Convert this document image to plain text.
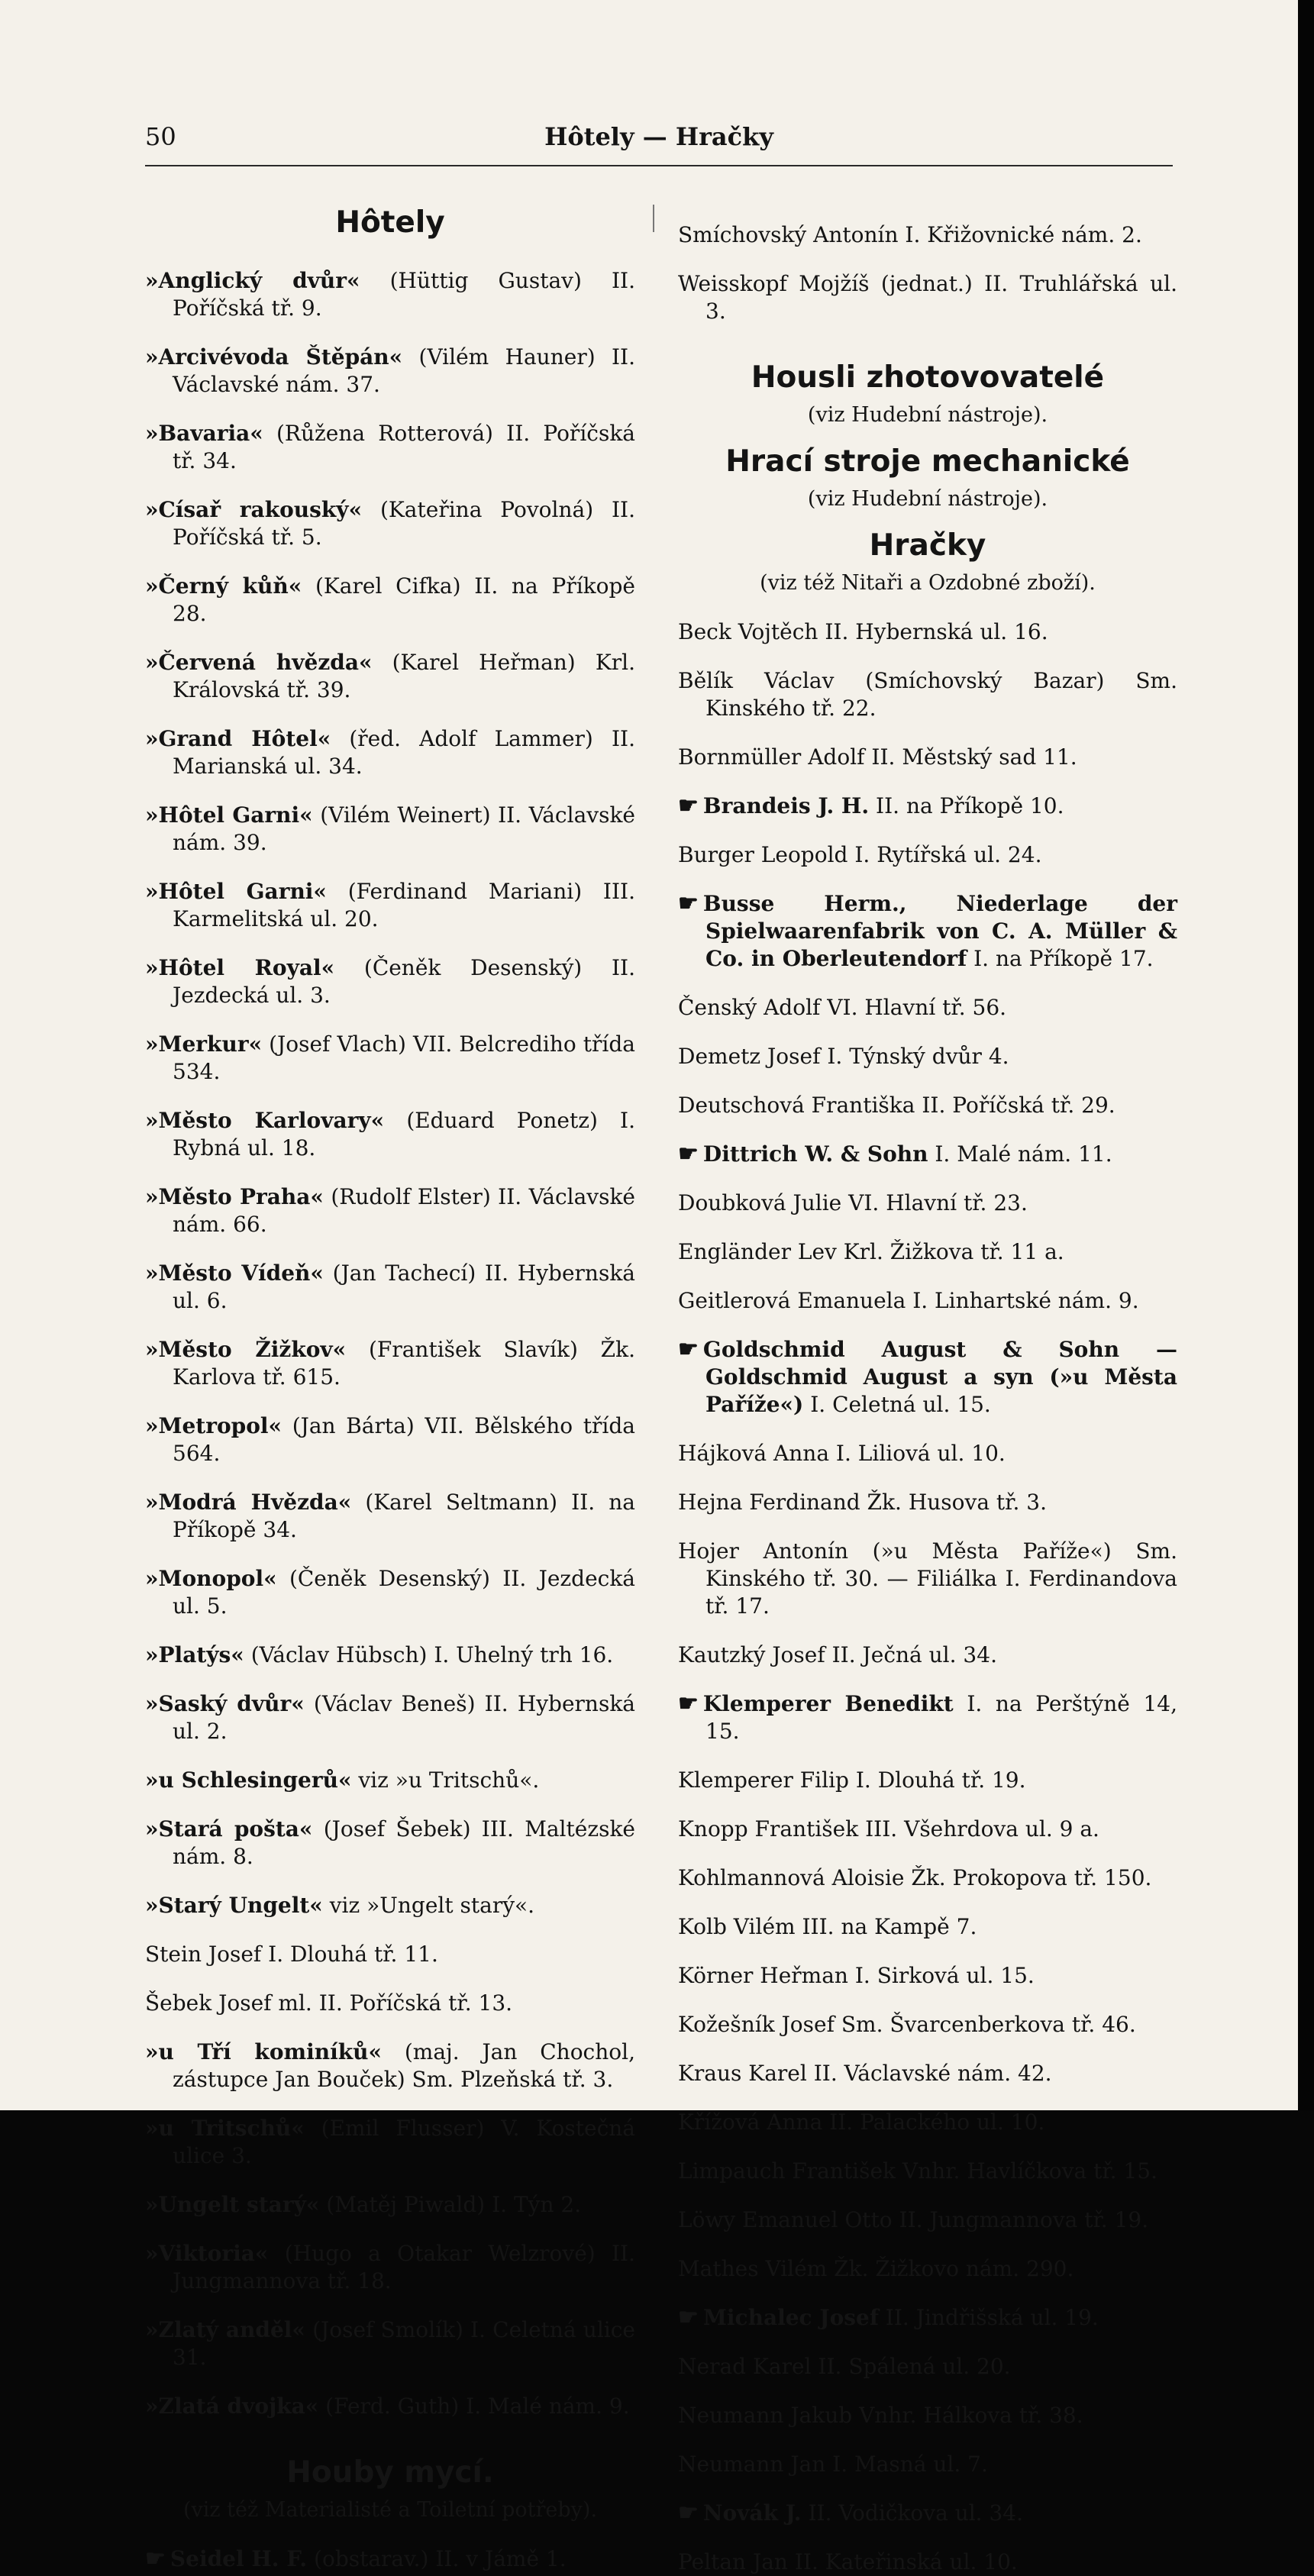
50	Hôtely — Hračky
Hôtely

»Anglický dvůr« (Hüttig Gustav) II. Poříčská tř. 9.

»Arcivévoda Štěpán« (Vilém Hauner) II. Václavské nám. 37.

»Bavaria« (Růžena Rotterová) II. Poříčská tř. 34.

»Císař rakouský« (Kateřina Povolná) II. Poříčská tř. 5.

»Černý kůň« (Karel Cifka) II. na Příkopě 28.

»Červená hvězda« (Karel Heřman) Krl. Královská tř. 39.

»Grand Hôtel« (řed. Adolf Lammer) II. Marianská ul. 34.

»Hôtel Garni« (Vilém Weinert) II. Václavské nám. 39.

»Hôtel Garni« (Ferdinand Mariani) III. Karmelitská ul. 20.

»Hôtel Royal« (Čeněk Desenský) II. Jezdecká ul. 3.

»Merkur« (Josef Vlach) VII. Belcrediho třída 534.

»Město Karlovary« (Eduard Ponetz) I. Rybná ul. 18.

»Město Praha« (Rudolf Elster) II. Václavské nám. 66.

»Město Vídeň« (Jan Tachecí) II. Hybernská ul. 6.

»Město Žižkov« (František Slavík) Žk. Karlova tř. 615.

»Metropol« (Jan Bárta) VII. Bělského třída 564.

»Modrá Hvězda« (Karel Seltmann) II. na Příkopě 34.

»Monopol« (Čeněk Desenský) II. Jezdecká ul. 5.

»Platýs« (Václav Hübsch) I. Uhelný trh 16.

»Saský dvůr« (Václav Beneš) II. Hybernská ul. 2.

»u Schlesingerů« viz »u Tritschů«.

»Stará pošta« (Josef Šebek) III. Maltézské nám. 8.

»Starý Ungelt« viz »Ungelt starý«.

Stein Josef I. Dlouhá tř. 11.

Šebek Josef ml. II. Poříčská tř. 13.

»u Tří kominíků« (maj. Jan Chochol, zástupce Jan Bouček) Sm. Plzeňská tř. 3.

»u Tritschů« (Emil Flusser) V. Kostečná ulice 3.

»Ungelt starý« (Matěj Piwald) I. Týn 2.

»Viktoria« (Hugo a Otakar Welzrové) II. Jungmannova tř. 18.

»Zlatý anděl« (Josef Smolík) I. Celetná ulice 31.

»Zlatá dvojka« (Ferd. Guth) I. Malé nám. 9.

Houby mycí.
(viz též Materialisté a Toiletní potřeby).

☛ Seidel H. F. (obstarav.) II. v Jámě 1.

Smíchovský Antonín I. Křižovnické nám. 2.

Weisskopf Mojžíš (jednat.) II. Truhlářská ul. 3.

Housli zhotovovatelé
(viz Hudební nástroje).
Hrací stroje mechanické
(viz Hudební nástroje).
Hračky
(viz též Nitaři a Ozdobné zboží).

Beck Vojtěch II. Hybernská ul. 16.

Bělík Václav (Smíchovský Bazar) Sm. Kinského tř. 22.

Bornmüller Adolf II. Městský sad 11.

☛ Brandeis J. H. II. na Příkopě 10.

Burger Leopold I. Rytířská ul. 24.

☛ Busse Herm., Niederlage der Spielwaarenfabrik von C. A. Müller & Co. in Oberleutendorf I. na Příkopě 17.

Čenský Adolf VI. Hlavní tř. 56.

Demetz Josef I. Týnský dvůr 4.

Deutschová Františka II. Poříčská tř. 29.

☛ Dittrich W. & Sohn I. Malé nám. 11.

Doubková Julie VI. Hlavní tř. 23.

Engländer Lev Krl. Žižkova tř. 11 a.

Geitlerová Emanuela I. Linhartské nám. 9.

☛ Goldschmid August & Sohn — Goldschmid August a syn (»u Města Paříže«) I. Celetná ul. 15.

Hájková Anna I. Liliová ul. 10.

Hejna Ferdinand Žk. Husova tř. 3.

Hojer Antonín (»u Města Paříže«) Sm. Kinského tř. 30. — Filiálka I. Ferdinandova tř. 17.

Kautzký Josef II. Ječná ul. 34.

☛ Klemperer Benedikt I. na Perštýně 14, 15.

Klemperer Filip I. Dlouhá tř. 19.

Knopp František III. Všehrdova ul. 9 a.

Kohlmannová Aloisie Žk. Prokopova tř. 150.

Kolb Vilém III. na Kampě 7.

Körner Heřman I. Sirková ul. 15.

Kožešník Josef Sm. Švarcenberkova tř. 46.

Kraus Karel II. Václavské nám. 42.

Křížová Anna II. Palackého ul. 10.

Limpauch František Vnhr. Havlíčkova tř. 15.

Löwy Emanuel Otto II. Jungmannova tř. 19.

Mathes Vilém Žk. Žižkovo nám. 290.

☛ Michalec Josef II. Jindřišská ul. 19.

Nerad Karel II. Spálená ul. 20.

Neumann Jakub Vnhr. Hálkova tř. 38.

Neumann Jan I. Masná ul. 7.

☛ Novák J. II. Vodičkova ul. 34.

Peltan Jan II. Kateřinská ul. 10.
